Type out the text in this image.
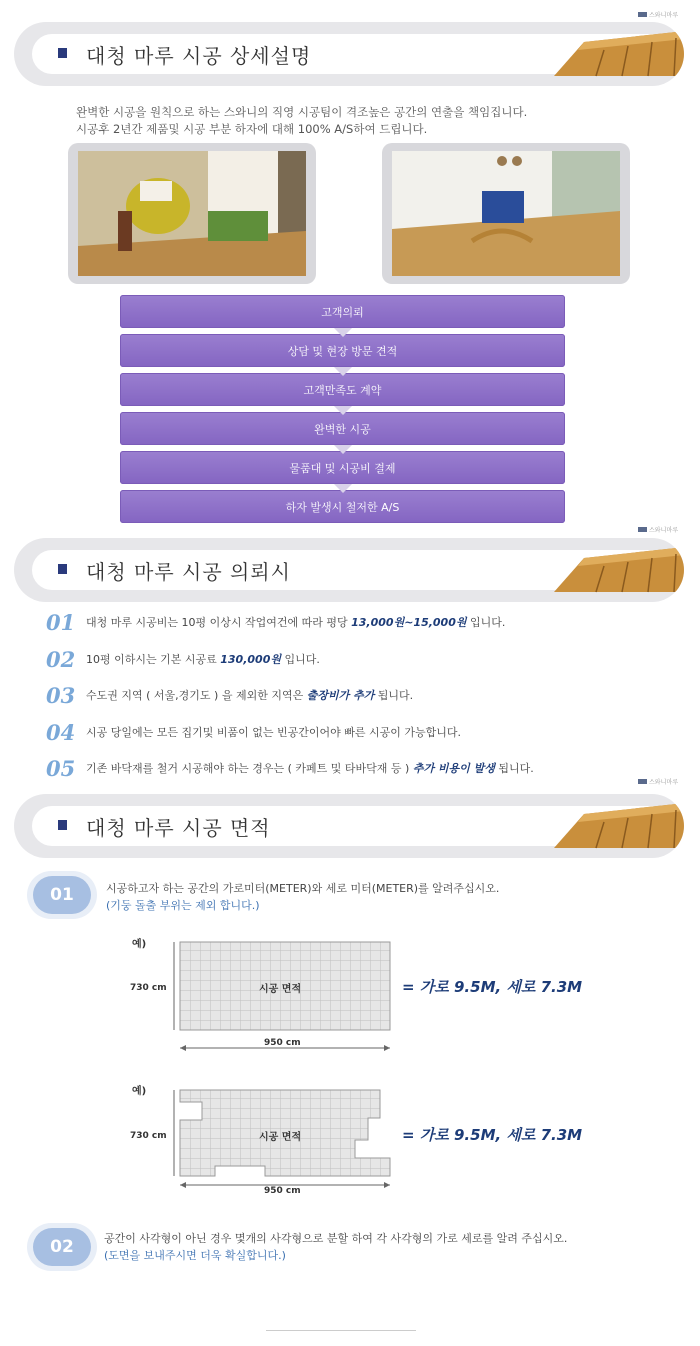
스와니마루
대청 마루 시공 상세설명
완벽한 시공을 원칙으로 하는 스와니의 직영 시공팀이 격조높은 공간의 연출을 책임집니다.
시공후 2년간 제품및 시공 부분 하자에 대해 100% A/S하여 드립니다.
고객의뢰
상담 및 현장 방문 견적
고객만족도 계약
완벽한 시공
물품대 및 시공비 결제
하자 발생시 철저한 A/S
스와니마루
대청 마루 시공 의뢰시
01 대청 마루 시공비는 10평 이상시 작업여건에 따라 평당 13,000원~15,000원 입니다.
02 10평 이하시는 기본 시공료 130,000원 입니다.
03 수도권 지역 ( 서울,경기도 ) 을 제외한 지역은 출장비가 추가 됩니다.
04 시공 당일에는 모든 집기및 비품이 없는 빈공간이어야 빠른 시공이 가능합니다.
05 기존 바닥재를 철거 시공해야 하는 경우는 ( 카페트 및 타바닥재 등 ) 추가 비용이 발생 됩니다.
스와니마루
대청 마루 시공 면적
01	시공하고자 하는 공간의 가로미터(METER)와 세로 미터(METER)를 알려주십시오.
(기둥 돌출 부위는 제외 합니다.)
예)
730 cm	시공 면적
950 cm
= 가로 9.5M, 세로 7.3M
예)
730 cm	시공 면적
950 cm
= 가로 9.5M, 세로 7.3M
02	공간이 사각형이 아닌 경우 몇개의 사각형으로 분할 하여 각 사각형의 가로 세로를 알려 주십시오.
(도면을 보내주시면 더욱 확실합니다.)
